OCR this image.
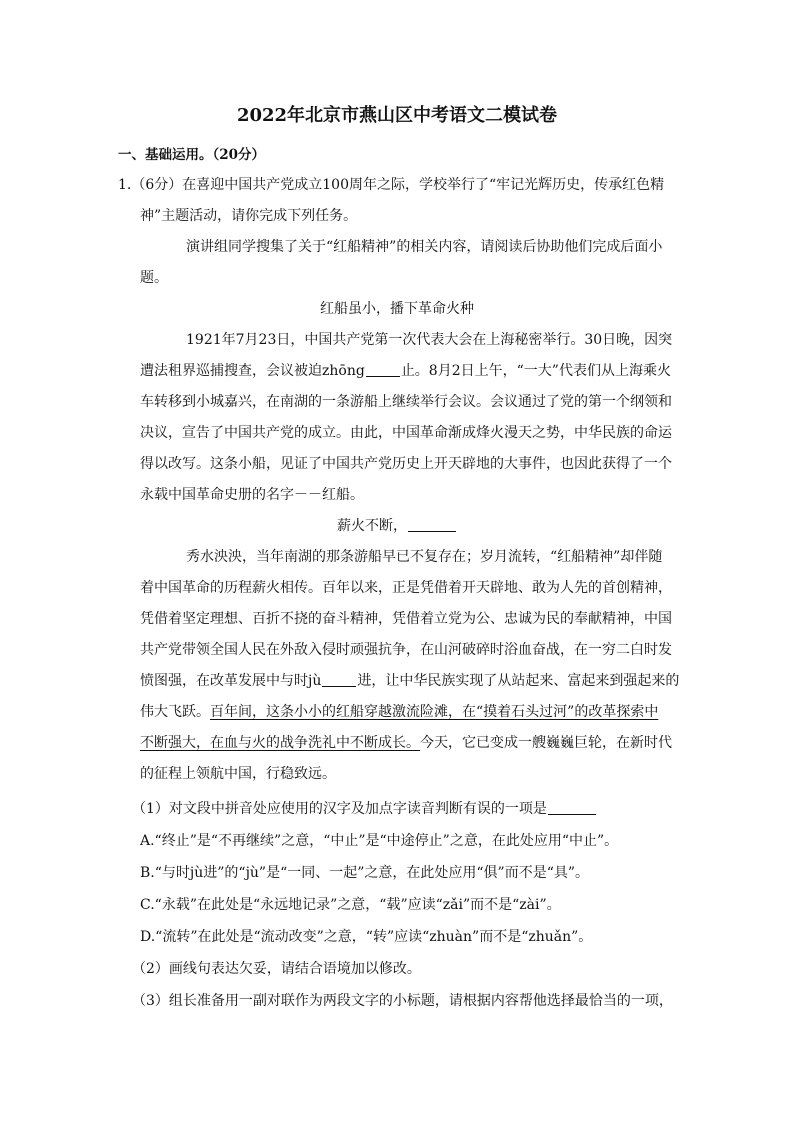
2022年北京市燕山区中考语文二模试卷
一、基础运用。（20分）
1.（6分）在喜迎中国共产党成立100周年之际，学校举行了“牢记光辉历史，传承红色精
神”主题活动，请你完成下列任务。
演讲组同学搜集了关于“红船精神”的相关内容，请阅读后协助他们完成后面小
题。
红船虽小，播下革命火种
1921年7月23日，中国共产党第一次代表大会在上海秘密举行。30日晚，因突
遭法租界巡捕搜查，会议被迫zhōng	止。8月2日上午，“一大”代表们从上海乘火
车转移到小城嘉兴，在南湖的一条游船上继续举行会议。会议通过了党的第一个纲领和
决议，宣告了中国共产党的成立。由此，中国革命渐成烽火漫天之势，中华民族的命运
得以改写。这条小船，见证了中国共产党历史上开天辟地的大事件，也因此获得了一个
永载中国革命史册的名字－－红船。
薪火不断，
秀水泱泱，当年南湖的那条游船早已不复存在；岁月流转，“红船精神”却伴随
着中国革命的历程薪火相传。百年以来，正是凭借着开天辟地、敢为人先的首创精神，
凭借着坚定理想、百折不挠的奋斗精神，凭借着立党为公、忠诚为民的奉献精神，中国
共产党带领全国人民在外敌入侵时顽强抗争，在山河破碎时浴血奋战，在一穷二白时发
愤图强，在改革发展中与时jù	进，让中华民族实现了从站起来、富起来到强起来的
伟大飞跃。百年间，这条小小的红船穿越激流险滩，在“摸着石头过河”的改革探索中
不断强大，在血与火的战争洗礼中不断成长。今天，它已变成一艘巍巍巨轮，在新时代
的征程上领航中国，行稳致远。
（1）对文段中拼音处应使用的汉字及加点字读音判断有误的一项是
A.“终止”是“不再继续”之意，“中止”是“中途停止”之意，在此处应用“中止”。
B.“与时jù进”的“jù”是“一同、一起”之意，在此处应用“俱”而不是“具”。
C.“永载”在此处是“永远地记录”之意，“载”应读“zǎi”而不是“zài”。
D.“流转”在此处是“流动改变”之意，“转”应读“zhuàn”而不是“zhuǎn”。
（2）画线句表达欠妥，请结合语境加以修改。
（3）组长准备用一副对联作为两段文字的小标题，请根据内容帮他选择最恰当的一项，
